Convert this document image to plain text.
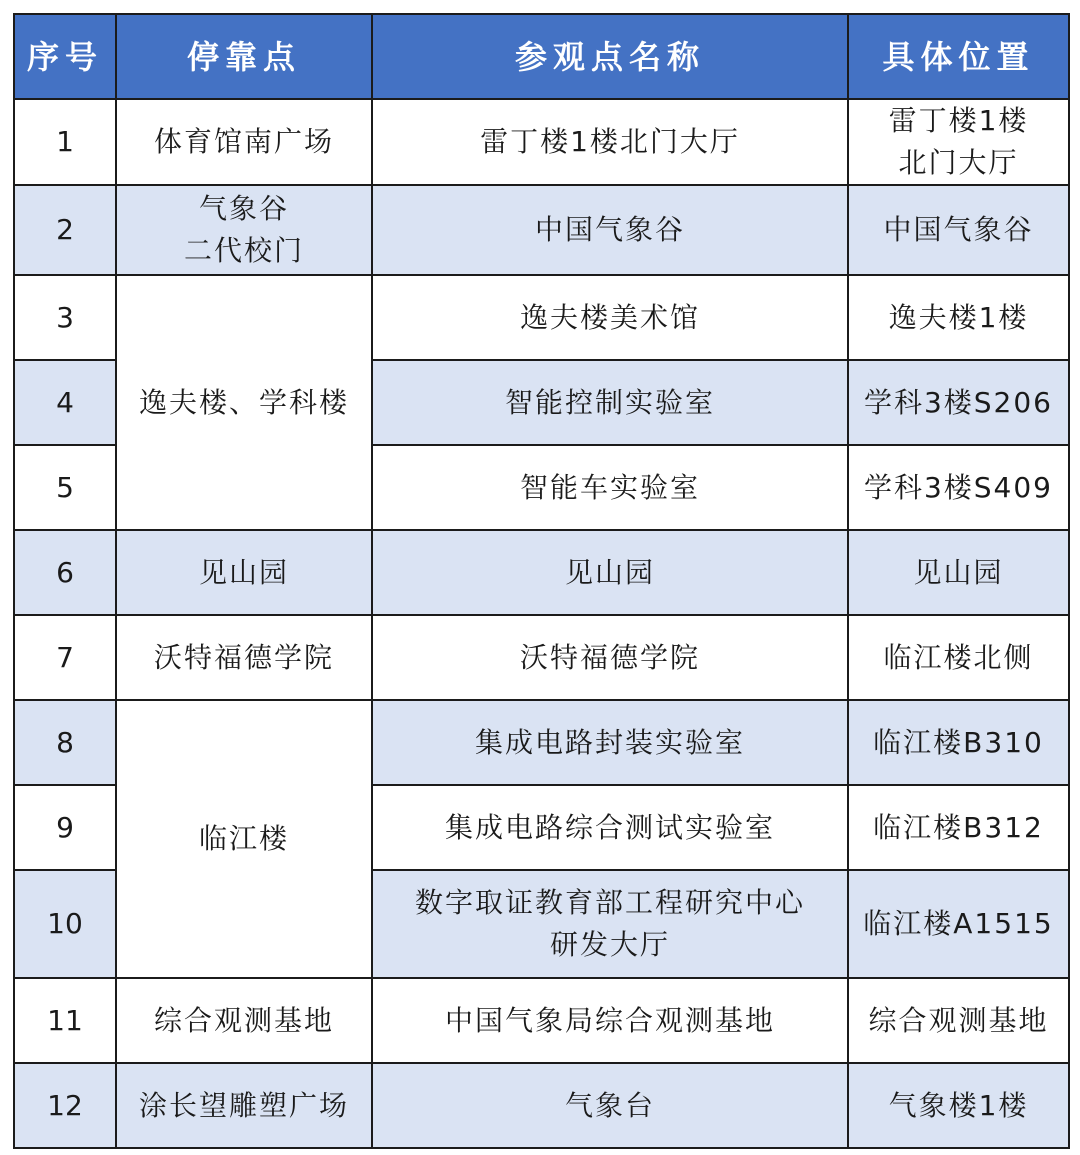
序号	停靠点	参观点名称	具体位置
1	体育馆南广场	雷丁楼1楼北门大厅	雷丁楼1楼
北门大厅

2	气象谷
二代校门	中国气象谷	中国气象谷
3	逸夫楼、学科楼	逸夫楼美术馆	逸夫楼1楼
4		智能控制实验室	学科3楼S206
5		智能车实验室	学科3楼S409
6	见山园	见山园	见山园
7	沃特福德学院	沃特福德学院	临江楼北侧
8	临江楼	集成电路封装实验室	临江楼B310
9		集成电路综合测试实验室	临江楼B312
10		数字取证教育部工程研究中心
研发大厅	临江楼A1515
11	综合观测基地	中国气象局综合观测基地	综合观测基地
12	涂长望雕塑广场	气象台	气象楼1楼
